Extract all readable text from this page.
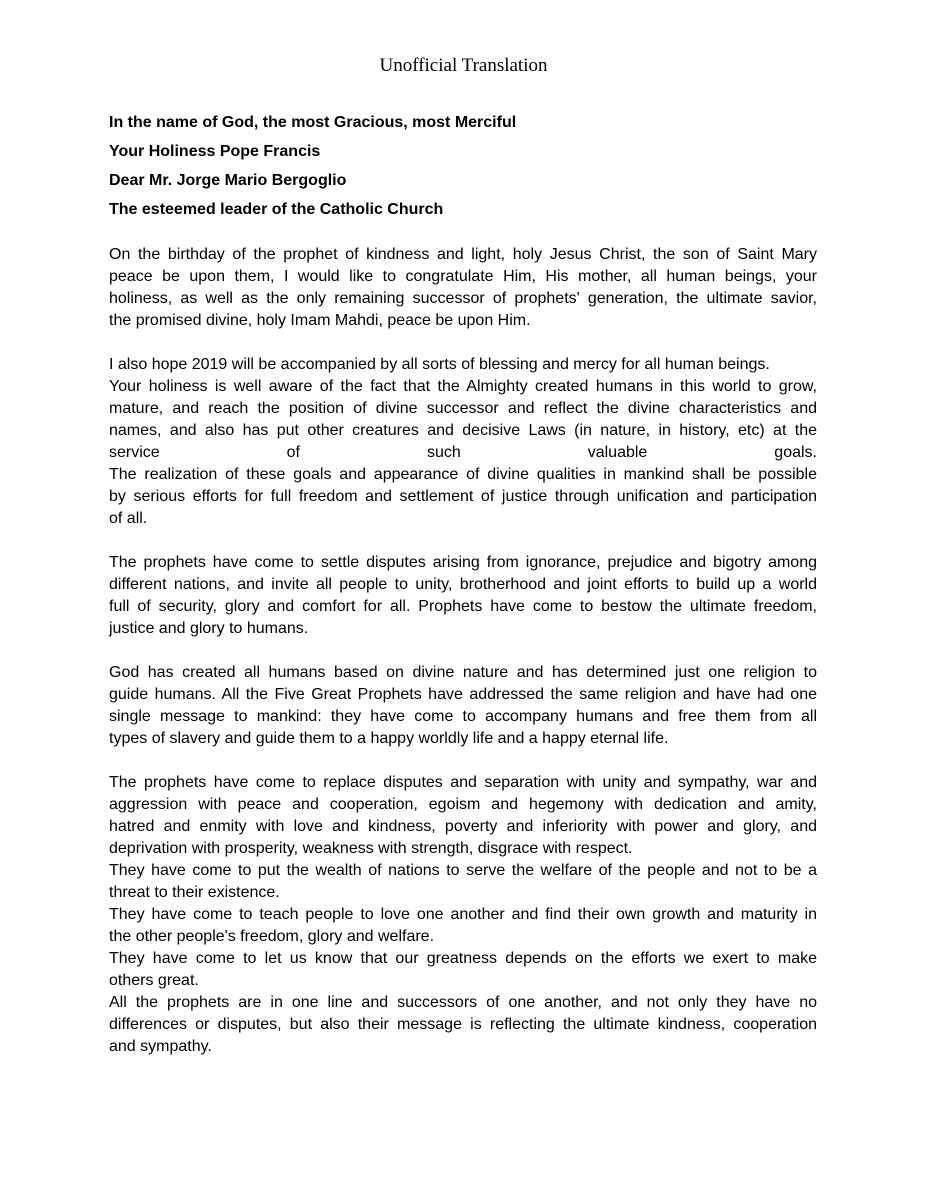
Unofficial Translation
In the name of God, the most Gracious, most Merciful
Your Holiness Pope Francis
Dear Mr. Jorge Mario Bergoglio
The esteemed leader of the Catholic Church
On the birthday of the prophet of kindness and light, holy Jesus Christ, the son of Saint Mary
peace be upon them, I would like to congratulate Him, His mother, all human beings, your
holiness, as well as the only remaining successor of prophets' generation, the ultimate savior,
the promised divine, holy Imam Mahdi, peace be upon Him.
I also hope 2019 will be accompanied by all sorts of blessing and mercy for all human beings.
Your holiness is well aware of the fact that the Almighty created humans in this world to grow,
mature, and reach the position of divine successor and reflect the divine characteristics and
names, and also has put other creatures and decisive Laws (in nature, in history, etc) at the
service of such valuable goals.
The realization of these goals and appearance of divine qualities in mankind shall be possible
by serious efforts for full freedom and settlement of justice through unification and participation
of all.
The prophets have come to settle disputes arising from ignorance, prejudice and bigotry among
different nations, and invite all people to unity, brotherhood and joint efforts to build up a world
full of security, glory and comfort for all. Prophets have come to bestow the ultimate freedom,
justice and glory to humans.
God has created all humans based on divine nature and has determined just one religion to
guide humans. All the Five Great Prophets have addressed the same religion and have had one
single message to mankind: they have come to accompany humans and free them from all
types of slavery and guide them to a happy worldly life and a happy eternal life.
The prophets have come to replace disputes and separation with unity and sympathy, war and
aggression with peace and cooperation, egoism and hegemony with dedication and amity,
hatred and enmity with love and kindness, poverty and inferiority with power and glory, and
deprivation with prosperity, weakness with strength, disgrace with respect.
They have come to put the wealth of nations to serve the welfare of the people and not to be a
threat to their existence.
They have come to teach people to love one another and find their own growth and maturity in
the other people's freedom, glory and welfare.
They have come to let us know that our greatness depends on the efforts we exert to make
others great.
All the prophets are in one line and successors of one another, and not only they have no
differences or disputes, but also their message is reflecting the ultimate kindness, cooperation
and sympathy.
